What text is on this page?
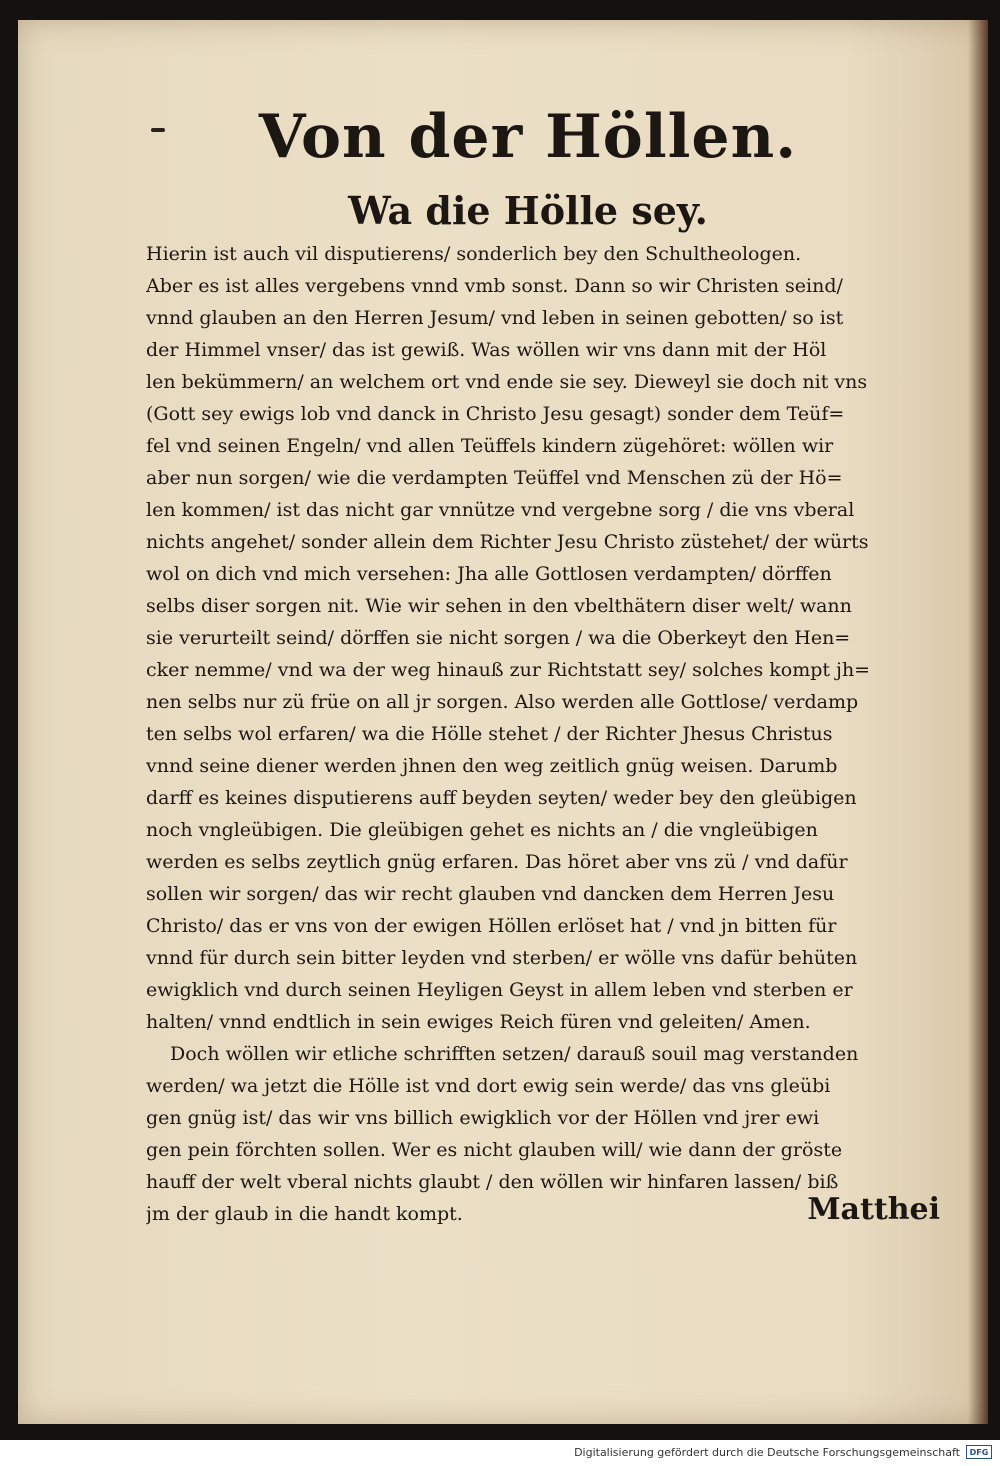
Von der Höllen.
Wa die Hölle sey.
Hierin ist auch vil disputierens/ sonderlich bey den Schultheologen.
Aber es ist alles vergebens vnnd vmb sonst. Dann so wir Christen seind/
vnnd glauben an den Herren Jesum/ vnd leben in seinen gebotten/ so ist
der Himmel vnser/ das ist gewiß. Was wöllen wir vns dann mit der Höl
len bekümmern/ an welchem ort vnd ende sie sey. Dieweyl sie doch nit vns
(Gott sey ewigs lob vnd danck in Christo Jesu gesagt) sonder dem Teüf=
fel vnd seinen Engeln/ vnd allen Teüffels kindern zügehöret: wöllen wir
aber nun sorgen/ wie die verdampten Teüffel vnd Menschen zü der Hö=
len kommen/ ist das nicht gar vnnütze vnd vergebne sorg / die vns vberal
nichts angehet/ sonder allein dem Richter Jesu Christo züstehet/ der würts
wol on dich vnd mich versehen: Jha alle Gottlosen verdampten/ dörffen
selbs diser sorgen nit. Wie wir sehen in den vbelthätern diser welt/ wann
sie verurteilt seind/ dörffen sie nicht sorgen / wa die Oberkeyt den Hen=
cker nemme/ vnd wa der weg hinauß zur Richtstatt sey/ solches kompt jh=
nen selbs nur zü früe on all jr sorgen. Also werden alle Gottlose/ verdamp
ten selbs wol erfaren/ wa die Hölle stehet / der Richter Jhesus Christus
vnnd seine diener werden jhnen den weg zeitlich gnüg weisen. Darumb
darff es keines disputierens auff beyden seyten/ weder bey den gleübigen
noch vngleübigen. Die gleübigen gehet es nichts an / die vngleübigen
werden es selbs zeytlich gnüg erfaren. Das höret aber vns zü / vnd dafür
sollen wir sorgen/ das wir recht glauben vnd dancken dem Herren Jesu
Christo/ das er vns von der ewigen Höllen erlöset hat / vnd jn bitten für
vnnd für durch sein bitter leyden vnd sterben/ er wölle vns dafür behüten
ewigklich vnd durch seinen Heyligen Geyst in allem leben vnd sterben er
halten/ vnnd endtlich in sein ewiges Reich füren vnd geleiten/ Amen.
Doch wöllen wir etliche schrifften setzen/ darauß souil mag verstanden
werden/ wa jetzt die Hölle ist vnd dort ewig sein werde/ das vns gleübi
gen gnüg ist/ das wir vns billich ewigklich vor der Höllen vnd jrer ewi
gen pein förchten sollen. Wer es nicht glauben will/ wie dann der gröste
hauff der welt vberal nichts glaubt / den wöllen wir hinfaren lassen/ biß
jm der glaub in die handt kompt.	Matthei
Digitalisierung gefördert durch die Deutsche Forschungsgemeinschaft	DFG
